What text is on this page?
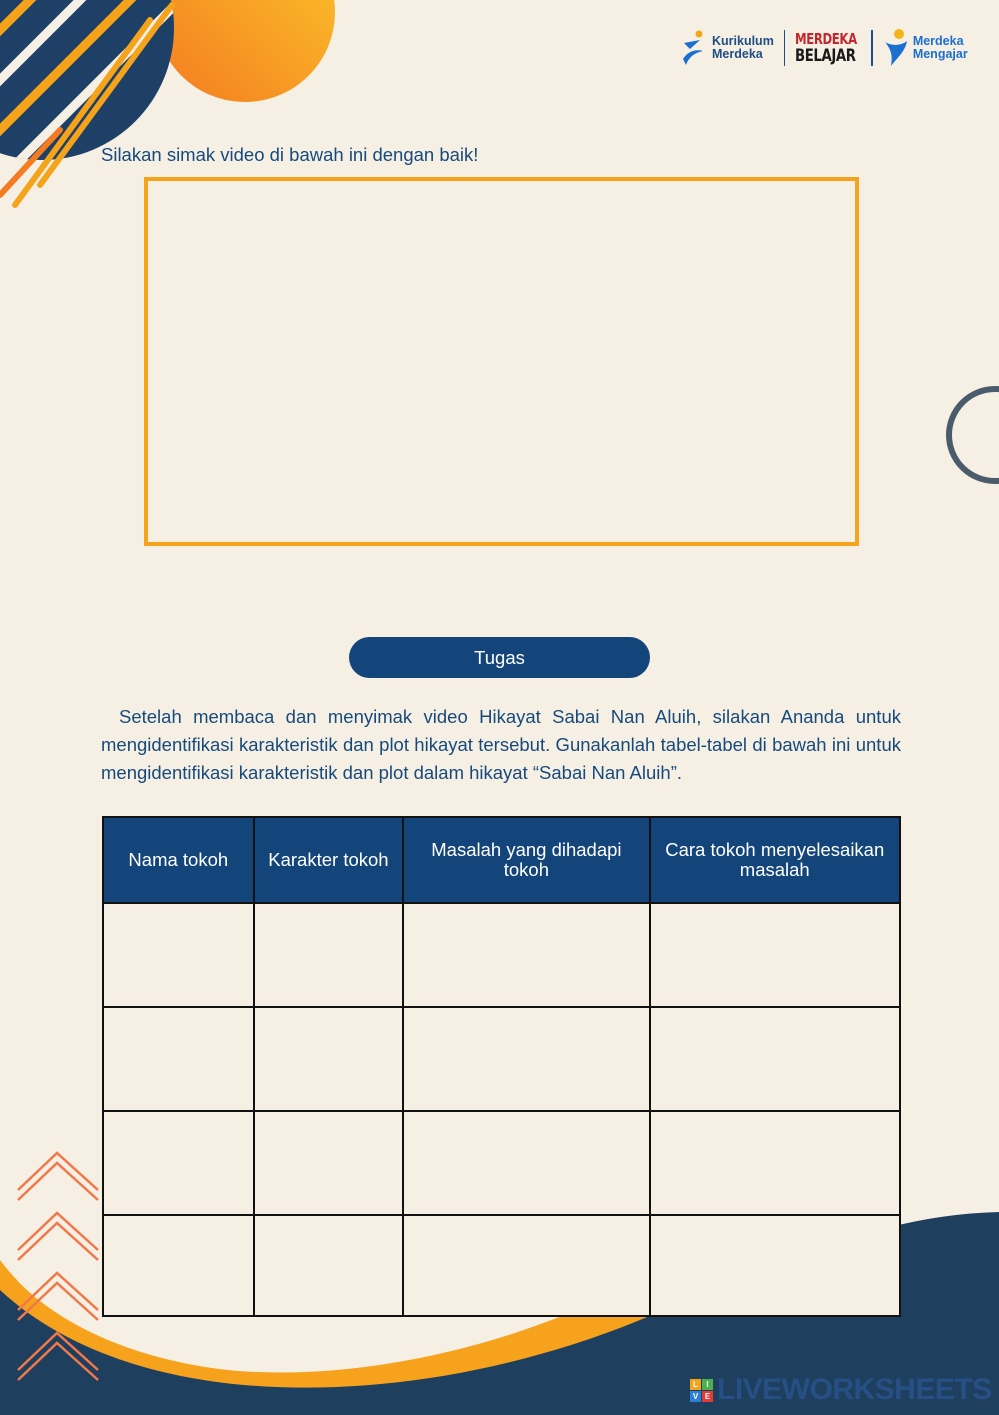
Kurikulum
Merdeka
MERDEKA
BELAJAR
Merdeka
Mengajar
Silakan simak video di bawah ini dengan baik!
Tugas
Setelah membaca dan menyimak video Hikayat Sabai Nan Aluih, silakan Ananda untuk mengidentifikasi karakteristik dan plot hikayat tersebut. Gunakanlah tabel-tabel di bawah ini untuk mengidentifikasi karakteristik dan plot dalam hikayat “Sabai Nan Aluih”.
Nama tokoh	Karakter tokoh	Masalah yang dihadapi tokoh	Cara tokoh menyelesaikan masalah

L	I
V E LIVEWORKSHEETS
